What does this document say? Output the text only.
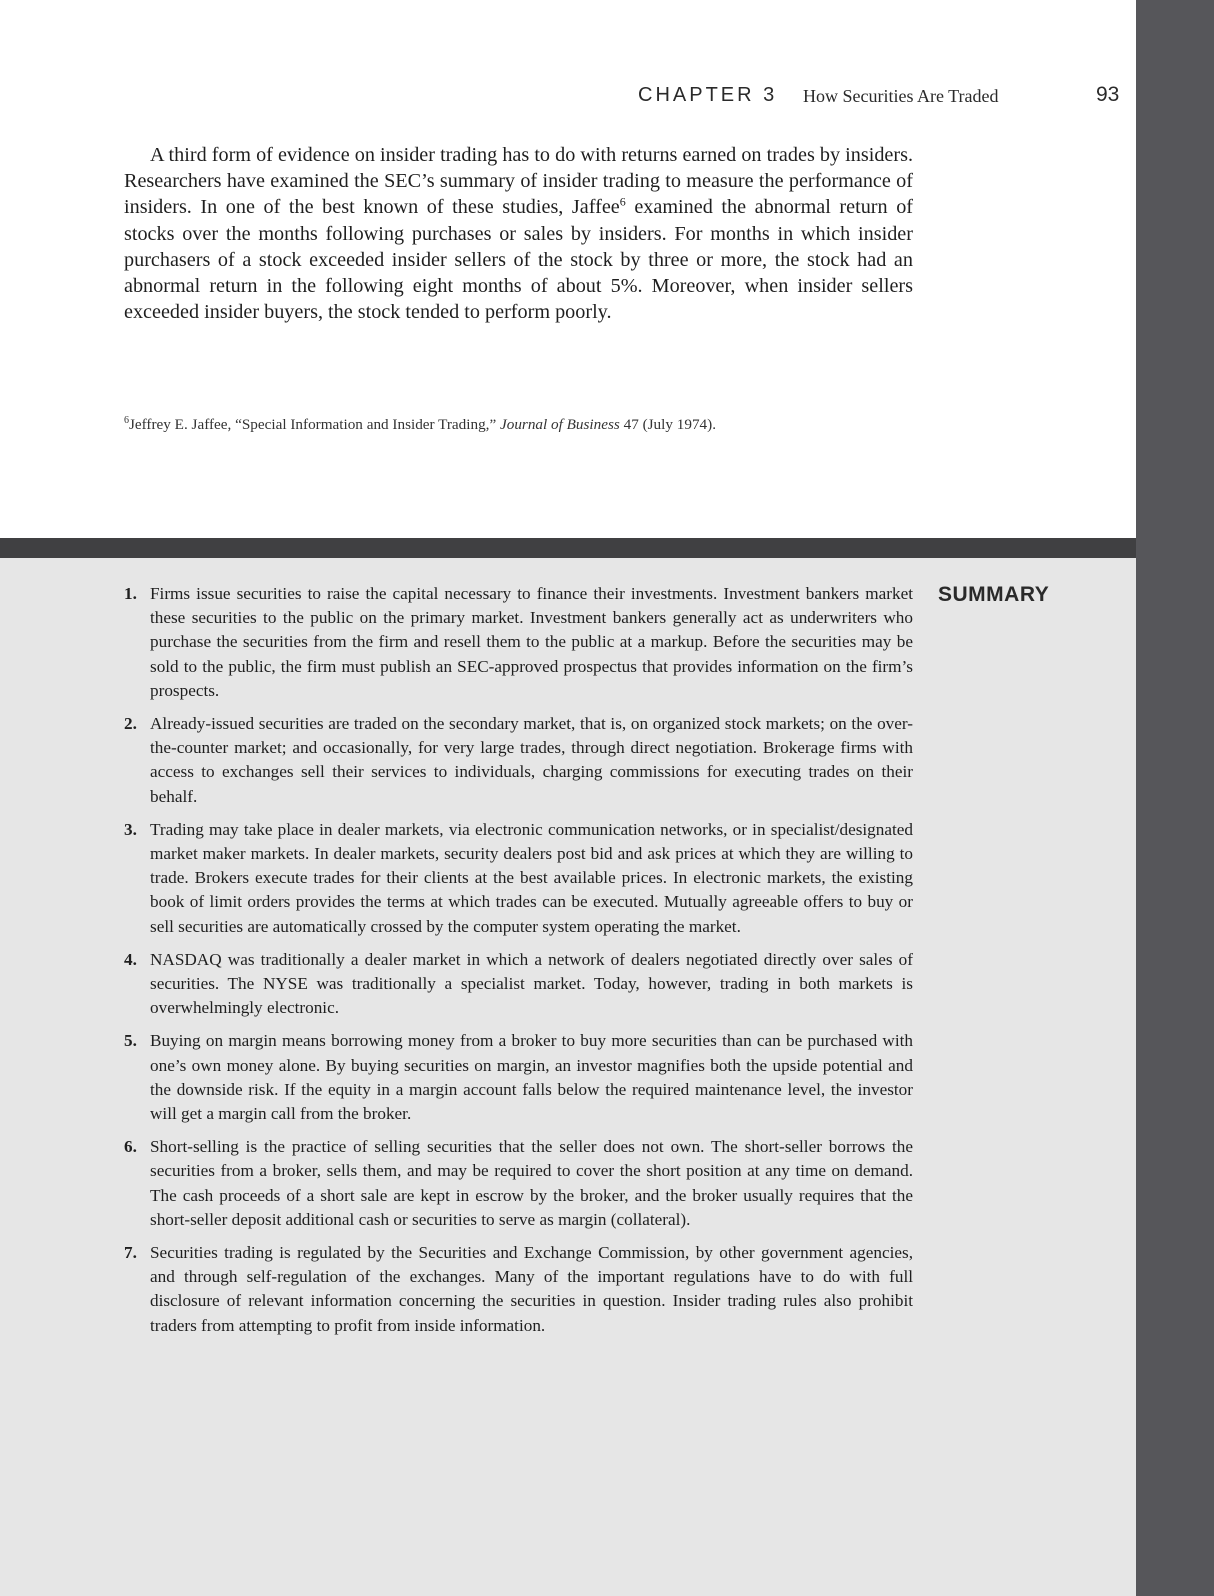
CHAPTER 3 How Securities Are Traded	93

A third form of evidence on insider trading has to do with returns earned on trades by insiders. Researchers have examined the SEC’s summary of insider trading to measure the performance of insiders. In one of the best known of these studies, Jaffee$^6$ examined the abnormal return of stocks over the months following purchases or sales by insiders. For months in which insider purchasers of a stock exceeded insider sellers of the stock by three or more, the stock had an abnormal return in the following eight months of about 5%. Moreover, when insider sellers exceeded insider buyers, the stock tended to perform poorly.

$^6$Jeffrey E. Jaffee, “Special Information and Insider Trading,” Journal of Business 47 (July 1974).

SUMMARY
1. Firms issue securities to raise the capital necessary to finance their investments. Investment bankers market these securities to the public on the primary market. Investment bankers generally act as underwriters who purchase the securities from the firm and resell them to the public at a markup. Before the securities may be sold to the public, the firm must publish an SEC-approved prospectus that provides information on the firm’s prospects.
2. Already-issued securities are traded on the secondary market, that is, on organized stock markets; on the over-the-counter market; and occasionally, for very large trades, through direct negotiation. Brokerage firms with access to exchanges sell their services to individuals, charging commissions for executing trades on their behalf.
3. Trading may take place in dealer markets, via electronic communication networks, or in specialist/designated market maker markets. In dealer markets, security dealers post bid and ask prices at which they are willing to trade. Brokers execute trades for their clients at the best available prices. In electronic markets, the existing book of limit orders provides the terms at which trades can be executed. Mutually agreeable offers to buy or sell securities are automatically crossed by the computer system operating the market.
4. NASDAQ was traditionally a dealer market in which a network of dealers negotiated directly over sales of securities. The NYSE was traditionally a specialist market. Today, however, trading in both markets is overwhelmingly electronic.
5. Buying on margin means borrowing money from a broker to buy more securities than can be purchased with one’s own money alone. By buying securities on margin, an investor magnifies both the upside potential and the downside risk. If the equity in a margin account falls below the required maintenance level, the investor will get a margin call from the broker.
6. Short-selling is the practice of selling securities that the seller does not own. The short-seller borrows the securities from a broker, sells them, and may be required to cover the short position at any time on demand. The cash proceeds of a short sale are kept in escrow by the broker, and the broker usually requires that the short-seller deposit additional cash or securities to serve as margin (collateral).
7. Securities trading is regulated by the Securities and Exchange Commission, by other government agencies, and through self-regulation of the exchanges. Many of the important regulations have to do with full disclosure of relevant information concerning the securities in question. Insider trading rules also prohibit traders from attempting to profit from inside information.
